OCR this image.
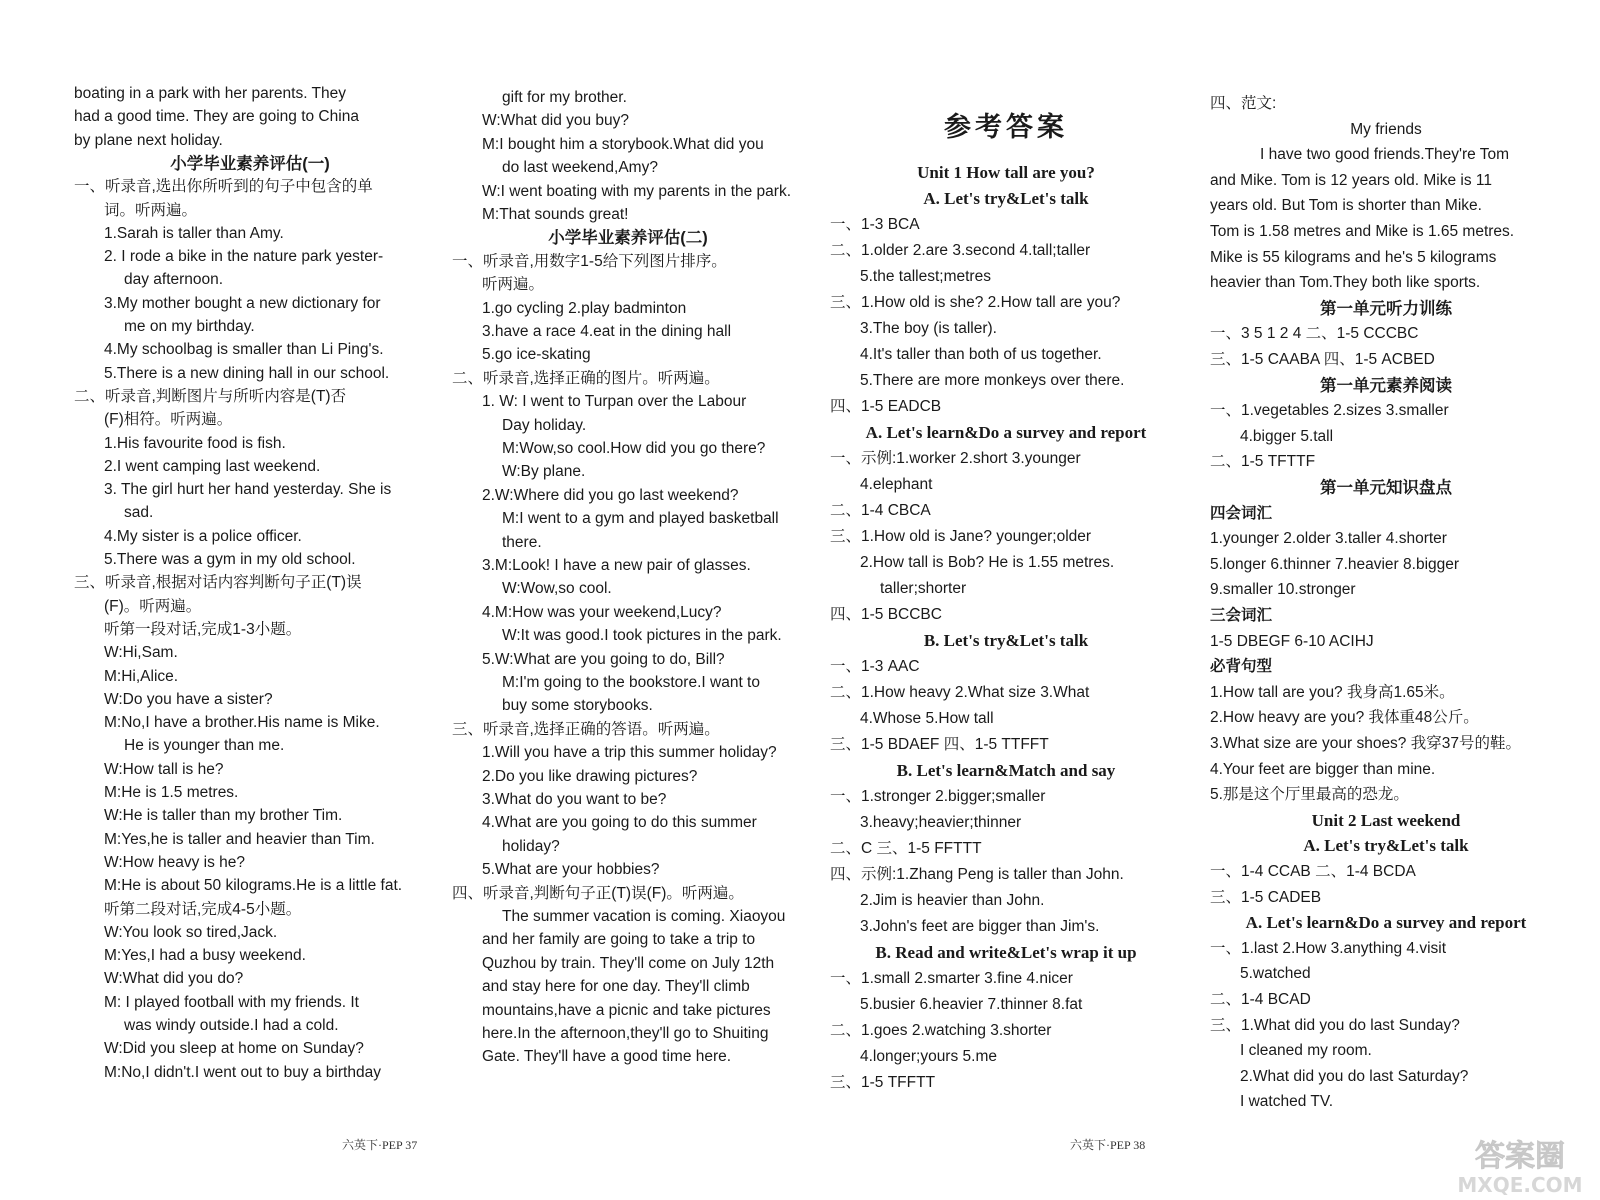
boating in a park with her parents. They
had a good time. They are going to China
by plane next holiday.
小学毕业素养评估(一)
一、听录音,选出你所听到的句子中包含的单
词。听两遍。
1.Sarah is taller than Amy.
2. I rode a bike in the nature park yester-
day afternoon.
3.My mother bought a new dictionary for
me on my birthday.
4.My schoolbag is smaller than Li Ping's.
5.There is a new dining hall in our school.
二、听录音,判断图片与所听内容是(T)否
(F)相符。听两遍。
1.His favourite food is fish.
2.I went camping last weekend.
3. The girl hurt her hand yesterday. She is
sad.
4.My sister is a police officer.
5.There was a gym in my old school.
三、听录音,根据对话内容判断句子正(T)误
(F)。听两遍。
听第一段对话,完成1-3小题。
W:Hi,Sam.
M:Hi,Alice.
W:Do you have a sister?
M:No,I have a brother.His name is Mike.
He is younger than me.
W:How tall is he?
M:He is 1.5 metres.
W:He is taller than my brother Tim.
M:Yes,he is taller and heavier than Tim.
W:How heavy is he?
M:He is about 50 kilograms.He is a little fat.
听第二段对话,完成4-5小题。
W:You look so tired,Jack.
M:Yes,I had a busy weekend.
W:What did you do?
M: I played football with my friends. It
was windy outside.I had a cold.
W:Did you sleep at home on Sunday?
M:No,I didn't.I went out to buy a birthday
gift for my brother.
W:What did you buy?
M:I bought him a storybook.What did you
do last weekend,Amy?
W:I went boating with my parents in the park.
M:That sounds great!
小学毕业素养评估(二)
一、听录音,用数字1-5给下列图片排序。
听两遍。
1.go cycling 2.play badminton
3.have a race 4.eat in the dining hall
5.go ice-skating
二、听录音,选择正确的图片。听两遍。
1. W: I went to Turpan over the Labour
Day holiday.
M:Wow,so cool.How did you go there?
W:By plane.
2.W:Where did you go last weekend?
M:I went to a gym and played basketball
there.
3.M:Look! I have a new pair of glasses.
W:Wow,so cool.
4.M:How was your weekend,Lucy?
W:It was good.I took pictures in the park.
5.W:What are you going to do, Bill?
M:I'm going to the bookstore.I want to
buy some storybooks.
三、听录音,选择正确的答语。听两遍。
1.Will you have a trip this summer holiday?
2.Do you like drawing pictures?
3.What do you want to be?
4.What are you going to do this summer
holiday?
5.What are your hobbies?
四、听录音,判断句子正(T)误(F)。听两遍。
The summer vacation is coming. Xiaoyou
and her family are going to take a trip to
Quzhou by train. They'll come on July 12th
and stay here for one day. They'll climb
mountains,have a picnic and take pictures
here.In the afternoon,they'll go to Shuiting
Gate. They'll have a good time here.
参考答案
Unit 1 How tall are you?
A. Let's try&Let's talk
一、1-3 BCA
二、1.older 2.are 3.second 4.tall;taller
5.the tallest;metres
三、1.How old is she? 2.How tall are you?
3.The boy (is taller).
4.It's taller than both of us together.
5.There are more monkeys over there.
四、1-5 EADCB
A. Let's learn&Do a survey and report
一、示例:1.worker 2.short 3.younger
4.elephant
二、1-4 CBCA
三、1.How old is Jane? younger;older
2.How tall is Bob? He is 1.55 metres.
taller;shorter
四、1-5 BCCBC
B. Let's try&Let's talk
一、1-3 AAC
二、1.How heavy 2.What size 3.What
4.Whose 5.How tall
三、1-5 BDAEF 四、1-5 TTFFT
B. Let's learn&Match and say
一、1.stronger 2.bigger;smaller
3.heavy;heavier;thinner
二、C 三、1-5 FFTTT
四、示例:1.Zhang Peng is taller than John.
2.Jim is heavier than John.
3.John's feet are bigger than Jim's.
B. Read and write&Let's wrap it up
一、1.small 2.smarter 3.fine 4.nicer
5.busier 6.heavier 7.thinner 8.fat
二、1.goes 2.watching 3.shorter
4.longer;yours 5.me
三、1-5 TFFTT
四、范文:
My friends
I have two good friends.They're Tom
and Mike. Tom is 12 years old. Mike is 11
years old. But Tom is shorter than Mike.
Tom is 1.58 metres and Mike is 1.65 metres.
Mike is 55 kilograms and he's 5 kilograms
heavier than Tom.They both like sports.
第一单元听力训练
一、3 5 1 2 4 二、1-5 CCCBC
三、1-5 CAABA 四、1-5 ACBED
第一单元素养阅读
一、1.vegetables 2.sizes 3.smaller
4.bigger 5.tall
二、1-5 TFTTF
第一单元知识盘点
四会词汇
1.younger 2.older 3.taller 4.shorter
5.longer 6.thinner 7.heavier 8.bigger
9.smaller 10.stronger
三会词汇
1-5 DBEGF 6-10 ACIHJ
必背句型
1.How tall are you? 我身高1.65米。
2.How heavy are you? 我体重48公斤。
3.What size are your shoes? 我穿37号的鞋。
4.Your feet are bigger than mine.
5.那是这个厅里最高的恐龙。
Unit 2 Last weekend
A. Let's try&Let's talk
一、1-4 CCAB 二、1-4 BCDA
三、1-5 CADEB
A. Let's learn&Do a survey and report
一、1.last 2.How 3.anything 4.visit
5.watched
二、1-4 BCAD
三、1.What did you do last Sunday?
I cleaned my room.
2.What did you do last Saturday?
I watched TV.
六英下·PEP 37	六英下·PEP 38	答案圈
MXQE.COM
